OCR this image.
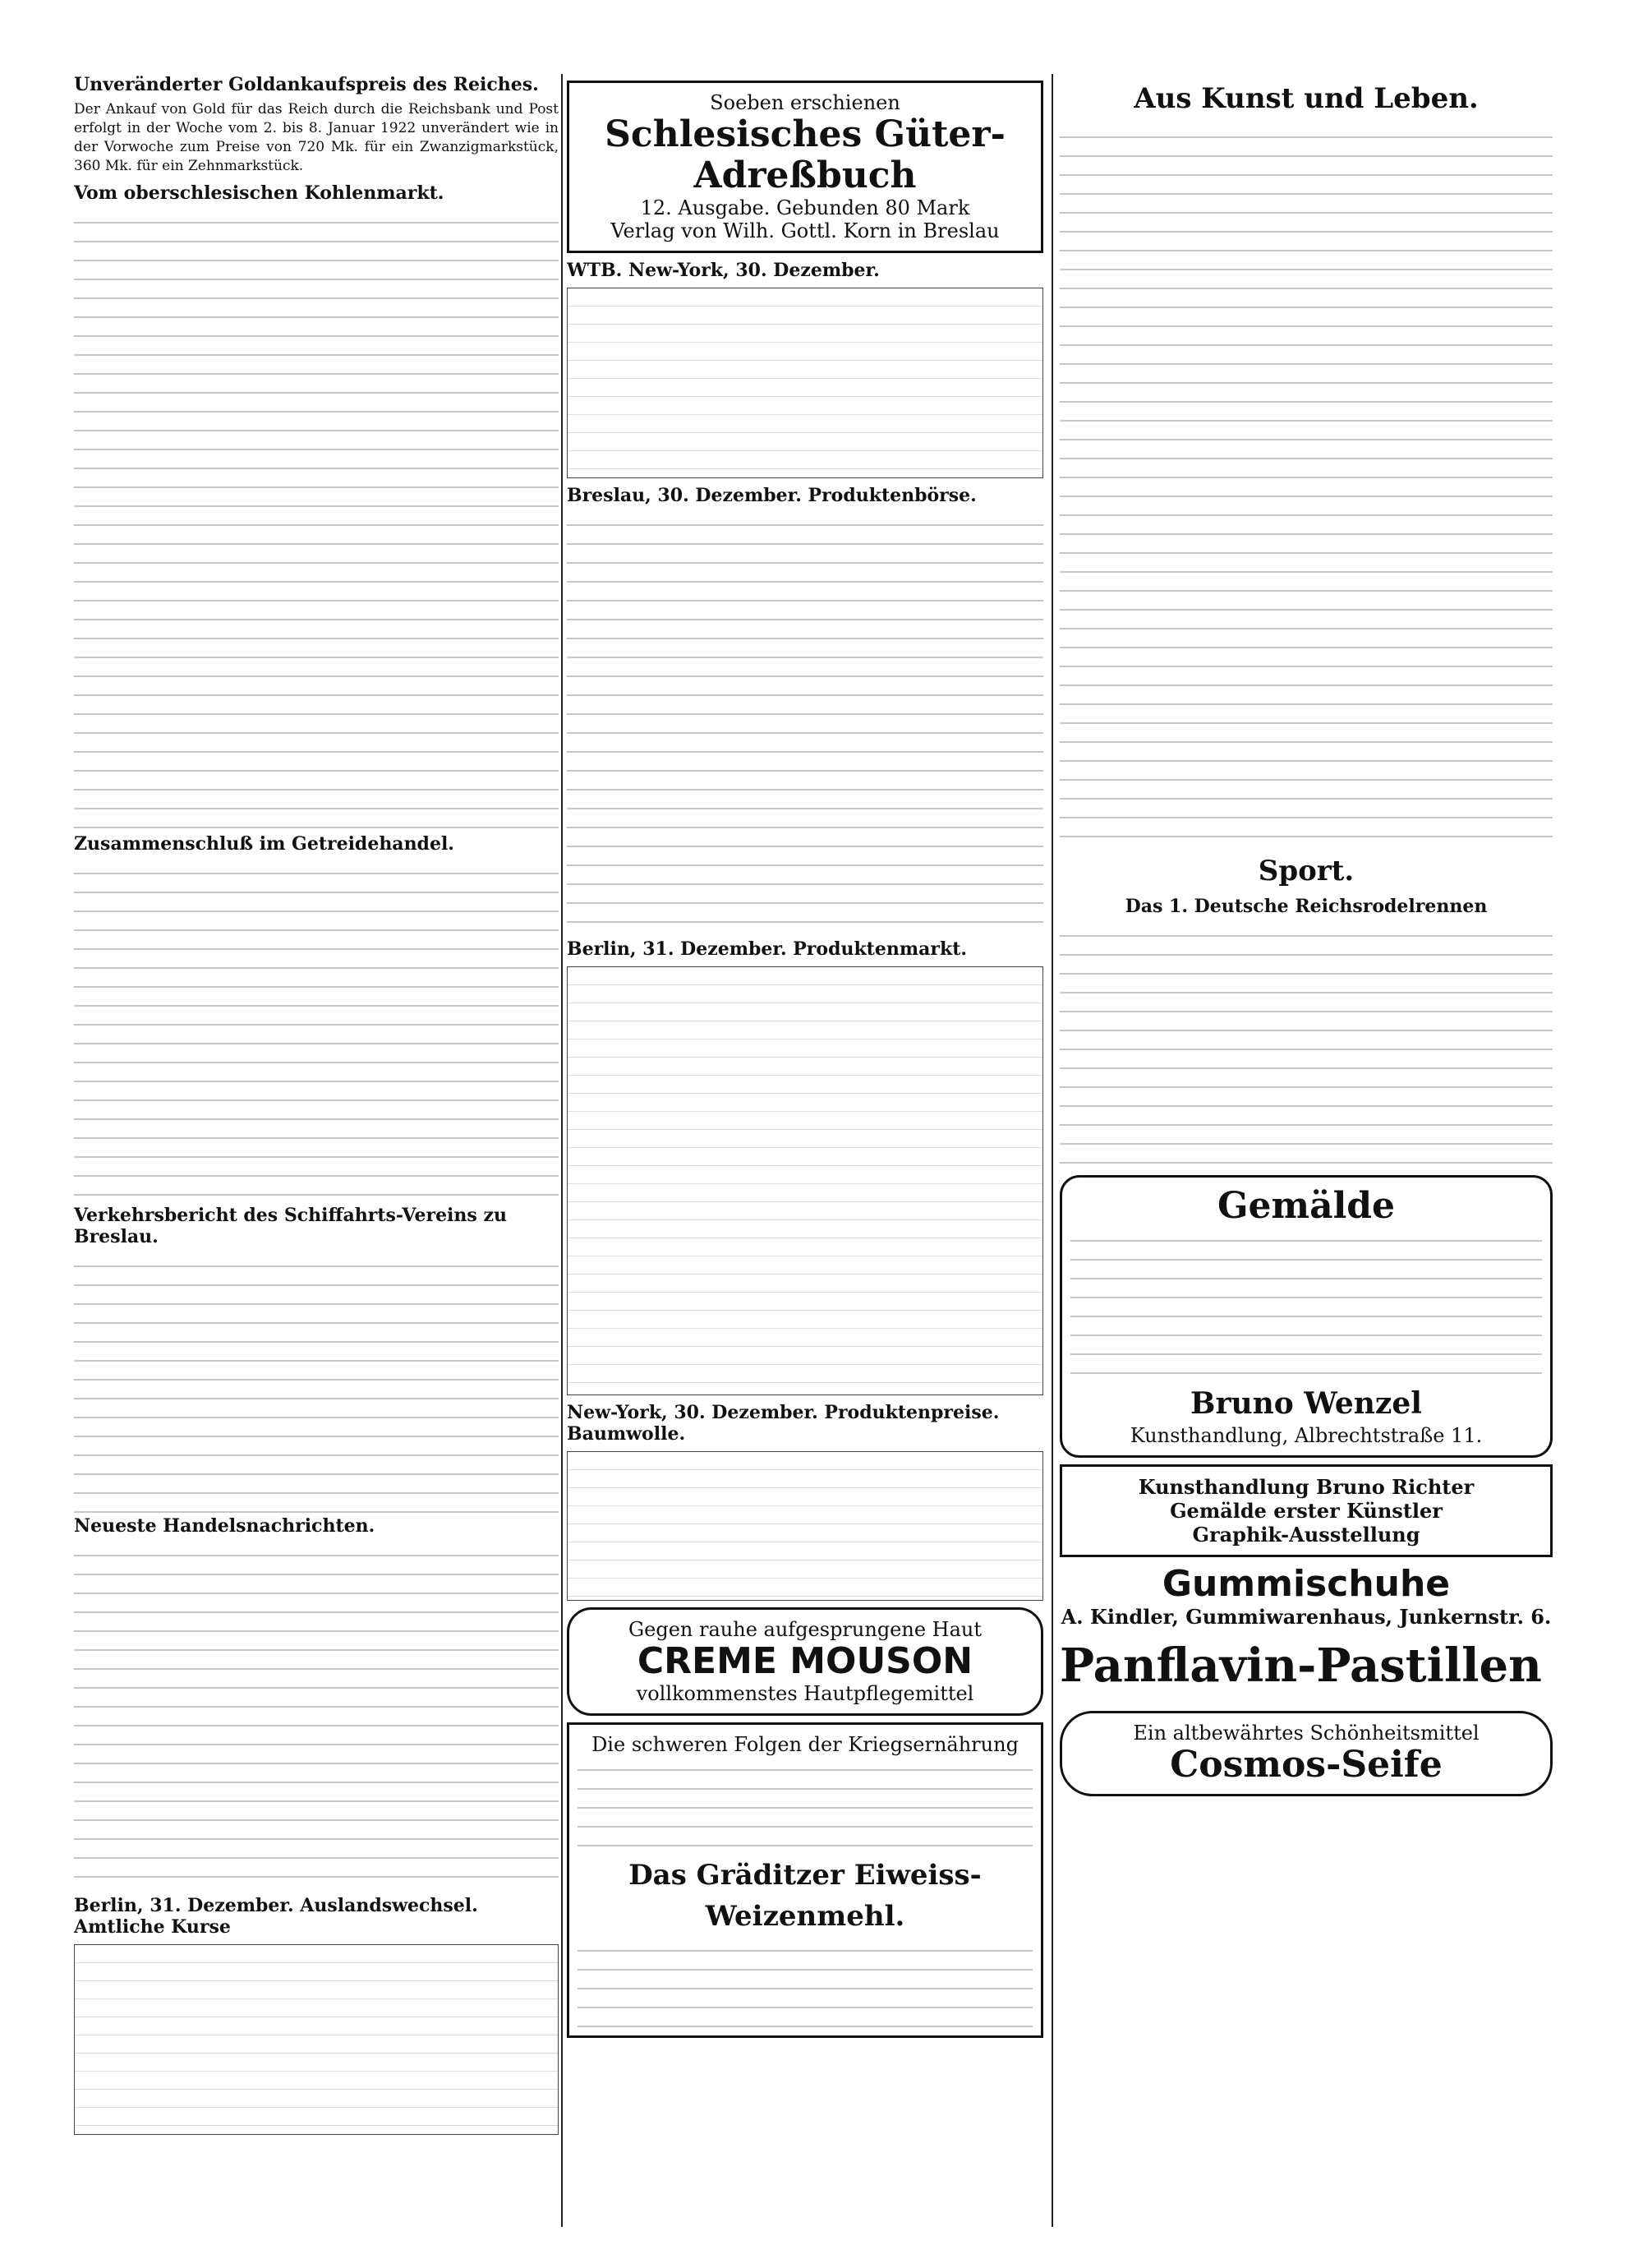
Unveränderter Goldankaufspreis des Reiches.

Der Ankauf von Gold für das Reich durch die Reichsbank und Post erfolgt in der Woche vom 2. bis 8. Januar 1922 unverändert wie in der Vorwoche zum Preise von 720 Mk. für ein Zwanzigmarkstück, 360 Mk. für ein Zehnmarkstück.

Vom oberschlesischen Kohlenmarkt.
Zusammenschluß im Getreidehandel.
Verkehrsbericht des Schiffahrts-Vereins zu Breslau.
Neueste Handelsnachrichten.
Berlin, 31. Dezember. Auslandswechsel. Amtliche Kurse
Soeben erschienen
Schlesisches Güter-Adreßbuch
12. Ausgabe. Gebunden 80 Mark
Verlag von Wilh. Gottl. Korn in Breslau
WTB. New-York, 30. Dezember.
Breslau, 30. Dezember. Produktenbörse.
Berlin, 31. Dezember. Produktenmarkt.
New-York, 30. Dezember. Produktenpreise. Baumwolle.
Gegen rauhe aufgesprungene Haut
CREME MOUSON
vollkommenstes Hautpflegemittel
Die schweren Folgen der Kriegsernährung
Das Gräditzer Eiweiss-Weizenmehl.
Aus Kunst und Leben.
Sport.
Das 1. Deutsche Reichsrodelrennen
Gemälde
Bruno Wenzel
Kunsthandlung, Albrechtstraße 11.
Kunsthandlung Bruno Richter
Gemälde erster Künstler
Graphik-Ausstellung
Gummischuhe
A. Kindler, Gummiwarenhaus, Junkernstr. 6.
Panflavin-Pastillen
Ein altbewährtes Schönheitsmittel
Cosmos-Seife
